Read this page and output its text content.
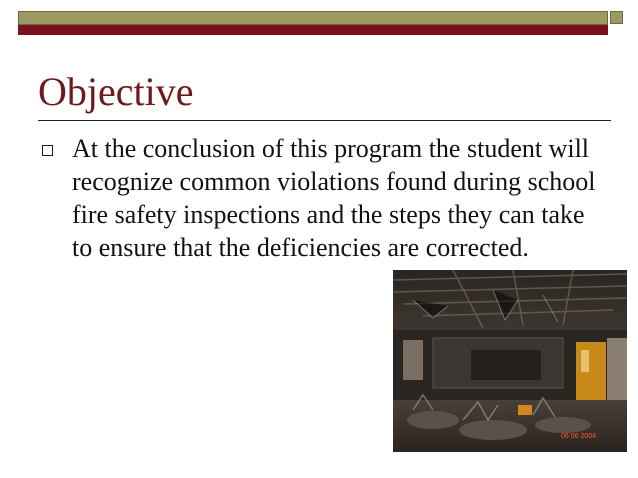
Objective

At the conclusion of this program the student will recognize common violations found during school fire safety inspections and the steps they can take to ensure that the deficiencies are corrected.

06 06 2004
